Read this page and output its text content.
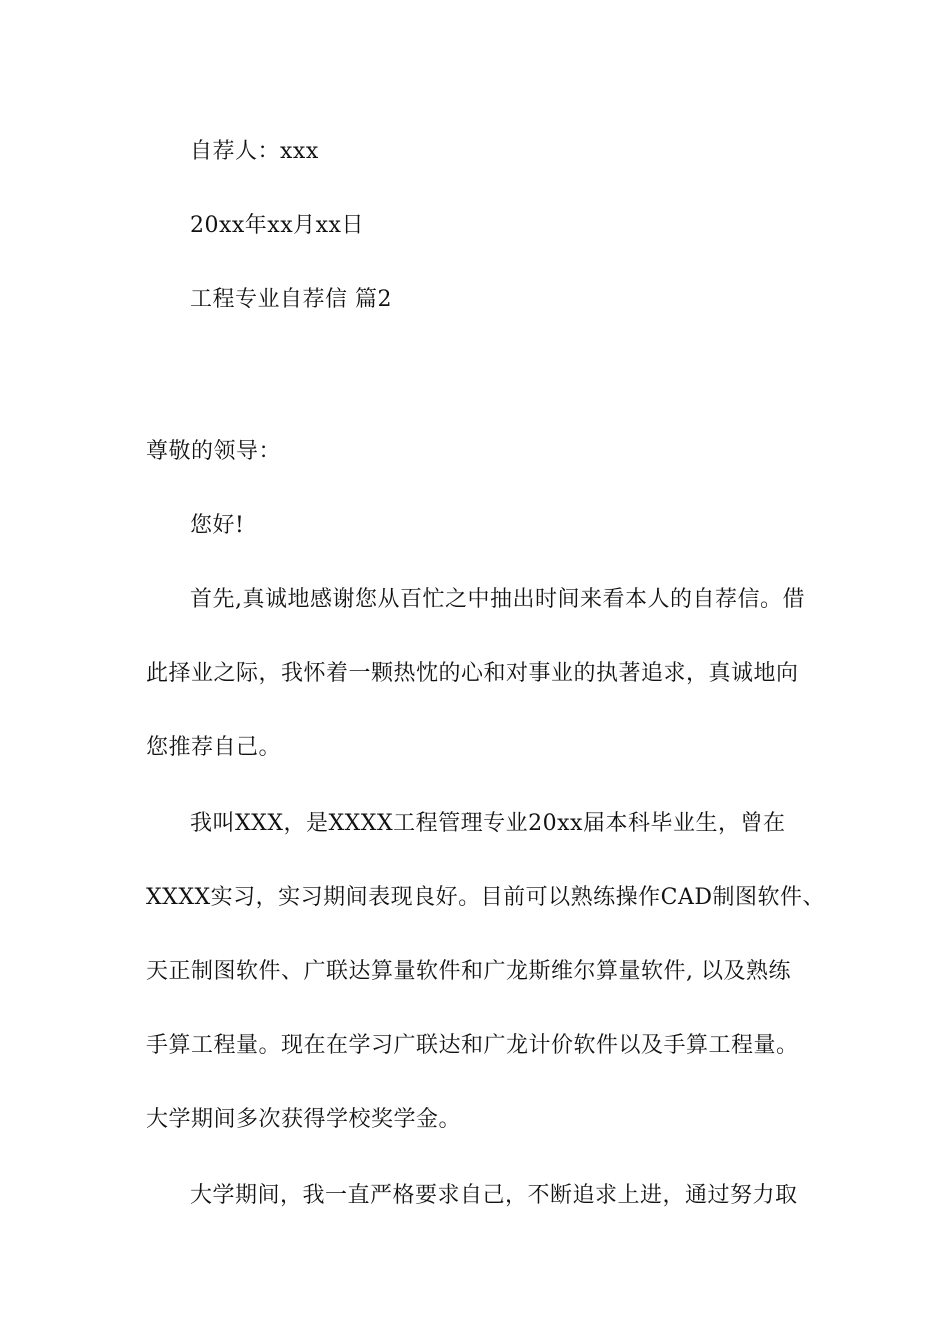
自荐人：xxx
20xx年xx月xx日
工程专业自荐信 篇2
尊敬的领导：
您好!
首先,真诚地感谢您从百忙之中抽出时间来看本人的自荐信。借
此择业之际，我怀着一颗热忱的心和对事业的执著追求，真诚地向
您推荐自己。
我叫XXX，是XXXX工程管理专业20xx届本科毕业生，曾在
XXXX实习，实习期间表现良好。目前可以熟练操作CAD制图软件、
天正制图软件、广联达算量软件和广龙斯维尔算量软件, 以及熟练
手算工程量。现在在学习广联达和广龙计价软件以及手算工程量。
大学期间多次获得学校奖学金。
大学期间，我一直严格要求自己，不断追求上进，通过努力取
